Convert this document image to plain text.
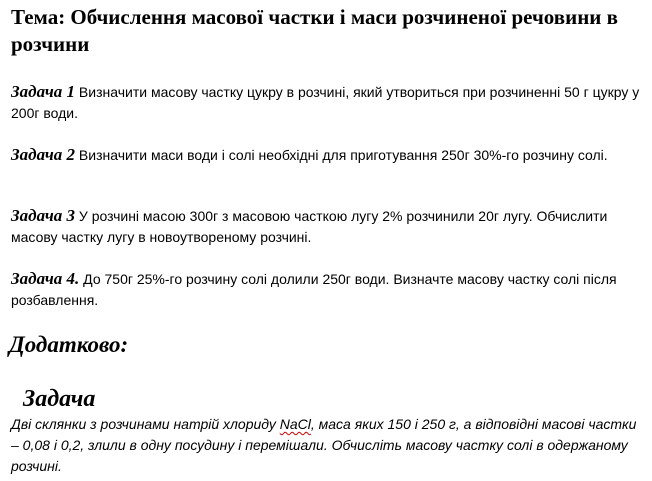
Тема: Обчислення масової частки і маси розчиненої речовини в розчини

Задача 1 Визначити масову частку цукру в розчині, який утвориться при розчиненні 50 г цукру у 200г води.

Задача 2 Визначити маси води і солі необхідні для приготування 250г 30%-го розчину солі.

Задача 3 У розчині масою 300г з масовою часткою лугу 2% розчинили 20г лугу. Обчислити масову частку лугу в новоутвореному розчині.

Задача 4. До 750г 25%-го розчину солі долили 250г води. Визначте масову частку солі після розбавлення.

Додатково:
Задача

Дві склянки з розчинами натрій хлориду NaCl, маса яких 150 і 250 г, а відповідні масові частки – 0,08 і 0,2, злили в одну посудину і перемішали. Обчисліть масову частку солі в одержаному розчині.
